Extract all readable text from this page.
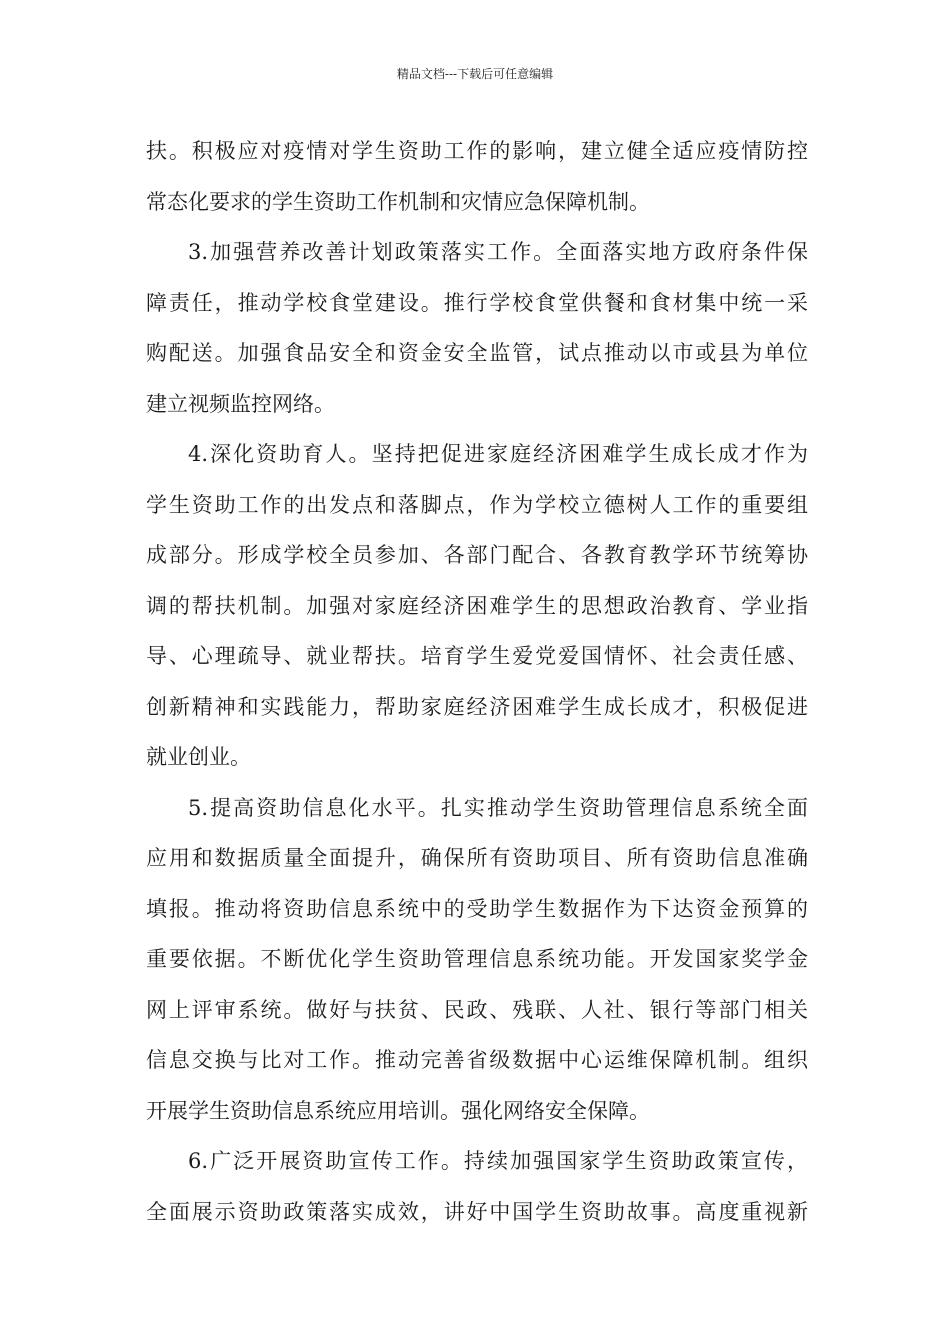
精品文档---下载后可任意编辑
扶。积极应对疫情对学生资助工作的影响，建立健全适应疫情防控
常态化要求的学生资助工作机制和灾情应急保障机制。
3.加强营养改善计划政策落实工作。全面落实地方政府条件保
障责任，推动学校食堂建设。推行学校食堂供餐和食材集中统一采
购配送。加强食品安全和资金安全监管，试点推动以市或县为单位
建立视频监控网络。
4.深化资助育人。坚持把促进家庭经济困难学生成长成才作为
学生资助工作的出发点和落脚点，作为学校立德树人工作的重要组
成部分。形成学校全员参加、各部门配合、各教育教学环节统筹协
调的帮扶机制。加强对家庭经济困难学生的思想政治教育、学业指
导、心理疏导、就业帮扶。培育学生爱党爱国情怀、社会责任感、
创新精神和实践能力，帮助家庭经济困难学生成长成才，积极促进
就业创业。
5.提高资助信息化水平。扎实推动学生资助管理信息系统全面
应用和数据质量全面提升，确保所有资助项目、所有资助信息准确
填报。推动将资助信息系统中的受助学生数据作为下达资金预算的
重要依据。不断优化学生资助管理信息系统功能。开发国家奖学金
网上评审系统。做好与扶贫、民政、残联、人社、银行等部门相关
信息交换与比对工作。推动完善省级数据中心运维保障机制。组织
开展学生资助信息系统应用培训。强化网络安全保障。
6.广泛开展资助宣传工作。持续加强国家学生资助政策宣传，
全面展示资助政策落实成效，讲好中国学生资助故事。高度重视新
